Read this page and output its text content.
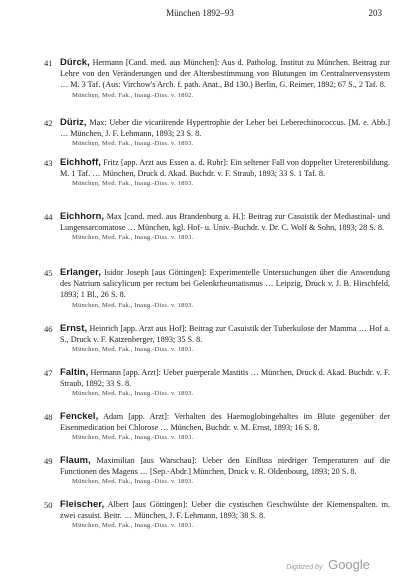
München 1892–93	203
41 Dürck, Hermann [Cand. med. aus München]: Aus d. Patholog. Institut zu München. Beitrag zur Lehre von den Veränderungen und der Altersbestimmung von Blutungen im Centralnervensystem … M. 3 Taf. (Aus: Virchow's Arch. f. path. Anat., Bd 130.) Berlin, G. Reimer, 1892; 67 S., 2 Taf. 8.
München, Med. Fak., Inaug.-Diss. v. 1892.
42 Düriz, Max: Ueber die vicariirende Hypertrophie der Leber bei Leberechinococcus. [M. e. Abb.] … München, J. F. Lehmann, 1893; 23 S. 8.
München, Med. Fak., Inaug.-Diss. v. 1893.
43 Eichhoff, Fritz [app. Arzt aus Essen a. d. Ruhr]: Ein seltener Fall von doppelter Ureterenbildung. M. 1 Taf. … München, Druck d. Akad. Buchdr. v. F. Straub, 1893; 33 S. 1 Taf. 8.
München, Med. Fak., Inaug.-Diss. v. 1893.
44 Eichhorn, Max [cand. med. aus Brandenburg a. H.]: Beitrag zur Casuistik der Mediastinal- und Lungensarcomatose … München, kgl. Hof- u. Univ.-Buchdr. v. Dr. C. Wolf & Sohn, 1893; 28 S. 8.
München, Med. Fak., Inaug.-Diss. v. 1893.
45 Erlanger, Isidor Joseph [aus Göttingen]: Experimentelle Untersuchungen über die Anwendung des Natrium salicylicum per rectum bei Gelenkrheumatismus … Leipzig, Druck v. J. B. Hirschfeld, 1893; 1 Bl., 26 S. 8.
München, Med. Fak., Inaug.-Diss. v. 1893.
46 Ernst, Heinrich [app. Arzt aus Hof]: Beitrag zur Casuistik der Tuberkulose der Mamma … Hof a. S., Druck v. F. Katzenberger, 1893; 35 S. 8.
München, Med. Fak., Inaug.-Diss. v. 1893.
47 Faltin, Hermann [app. Arzt]: Ueber puerperale Mastitis … München, Druck d. Akad. Buchdr. v. F. Straub, 1892; 33 S. 8.
München, Med. Fak., Inaug.-Diss. v. 1893.
48 Fenckel, Adam [app. Arzt]: Verhalten des Haemoglobingehaltes im Blute gegenüber der Eisenmedication bei Chlorose … München, Buchdr. v. M. Ernst, 1893; 16 S. 8.
München, Med. Fak., Inaug.-Diss. v. 1893.
49 Flaum, Maximilian [aus Warschau]: Ueber den Einfluss niedriger Temperaturen auf die Functionen des Magens … [Sep.-Abdr.] München, Druck v. R. Oldenbourg, 1893; 20 S. 8.
München, Med. Fak., Inaug.-Diss. v. 1893.
50 Fleischer, Albert [aus Göttingen]: Ueber die cystischen Geschwülste der Kiemenspalten. m. zwei casuist. Beitr. … München, J. F. Lehmann, 1893; 38 S. 8.
München, Med. Fak., Inaug.-Diss. v. 1893.
Digitized by Google
